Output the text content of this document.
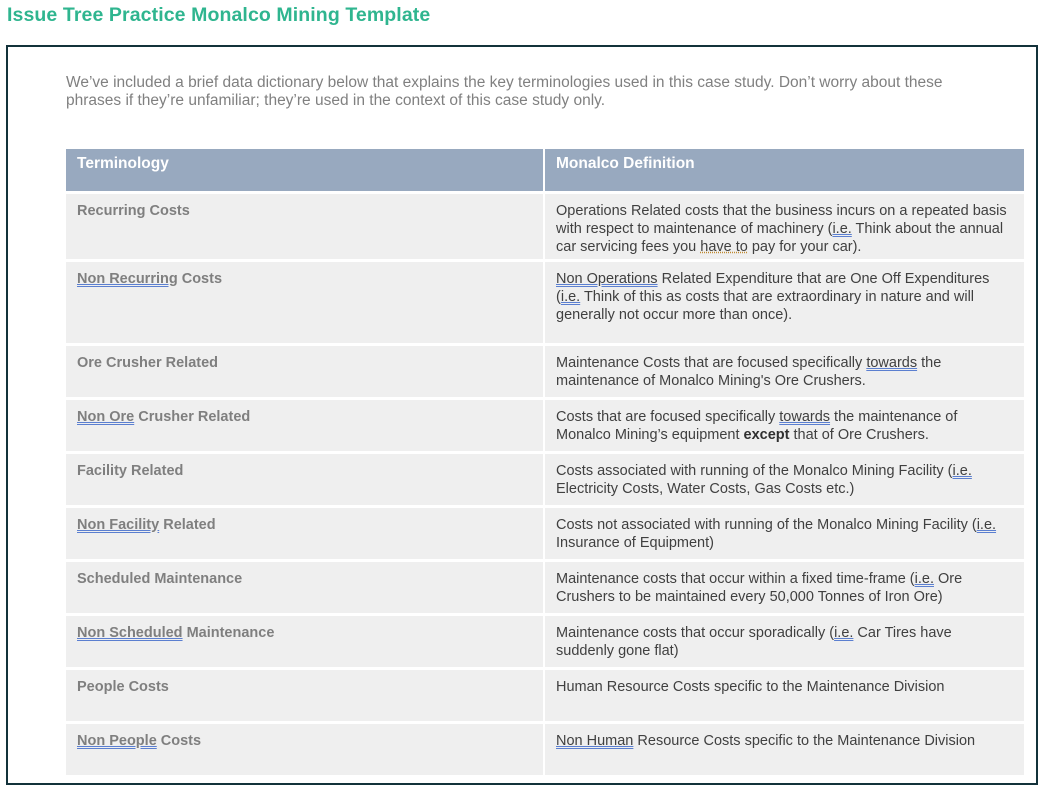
Issue Tree Practice Monalco Mining Template
We’ve included a brief data dictionary below that explains the key terminologies used in this case study. Don’t worry about these phrases if they’re unfamiliar; they’re used in the context of this case study only.
Terminology	Monalco Definition
Recurring Costs	Operations Related costs that the business incurs on a repeated basis with respect to maintenance of machinery (i.e. Think about the annual car servicing fees you have to pay for your car).
Non Recurring Costs	Non Operations Related Expenditure that are One Off Expenditures (i.e. Think of this as costs that are extraordinary in nature and will generally not occur more than once).
Ore Crusher Related	Maintenance Costs that are focused specifically towards the maintenance of Monalco Mining's Ore Crushers.
Non Ore Crusher Related	Costs that are focused specifically towards the maintenance of Monalco Mining’s equipment except that of Ore Crushers.
Facility Related	Costs associated with running of the Monalco Mining Facility (i.e. Electricity Costs, Water Costs, Gas Costs etc.)
Non Facility Related	Costs not associated with running of the Monalco Mining Facility (i.e. Insurance of Equipment)
Scheduled Maintenance	Maintenance costs that occur within a fixed time-frame (i.e. Ore Crushers to be maintained every 50,000 Tonnes of Iron Ore)
Non Scheduled Maintenance	Maintenance costs that occur sporadically (i.e. Car Tires have suddenly gone flat)
People Costs	Human Resource Costs specific to the Maintenance Division
Non People Costs	Non Human Resource Costs specific to the Maintenance Division
